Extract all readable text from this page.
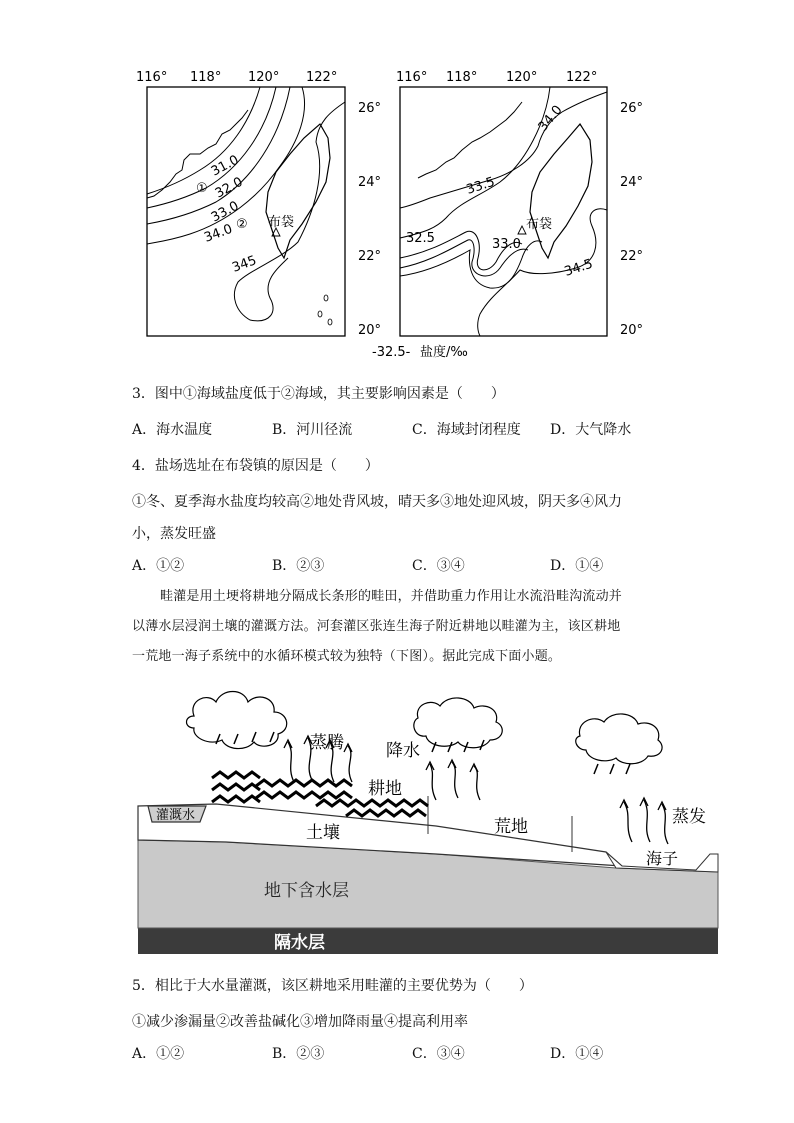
116° 118° 120° 122°
26°
24°
22°
20°
31.0
32.0
33.0
34.0
345
①
② 布袋
116° 118° 120° 122°
26°
24°
22°
20°
34.0
33.5
32.5	33.0
34.5
布袋
-32.5- 盐度/‰
3．图中①海域盐度低于②海域，其主要影响因素是（　　）
A．海水温度	B．河川径流	C．海域封闭程度 D．大气降水
4．盐场选址在布袋镇的原因是（　　）
①冬、夏季海水盐度均较高②地处背风坡，晴天多③地处迎风坡，阴天多④风力
小，蒸发旺盛
A．①②	B．②③	C．③④	D．①④
畦灌是用土埂将耕地分隔成长条形的畦田，并借助重力作用让水流沿畦沟流动并
以薄水层浸润土壤的灌溉方法。河套灌区张连生海子附近耕地以畦灌为主，该区耕地
一荒地一海子系统中的水循环模式较为独特（下图）。据此完成下面小题。
隔水层
地下含水层
土壤
灌溉水
海子
荒地
耕地
蒸腾 降水
蒸发
5．相比于大水量灌溉，该区耕地采用畦灌的主要优势为（　　）
①减少渗漏量②改善盐碱化③增加降雨量④提高利用率
A．①②	B．②③	C．③④	D．①④
